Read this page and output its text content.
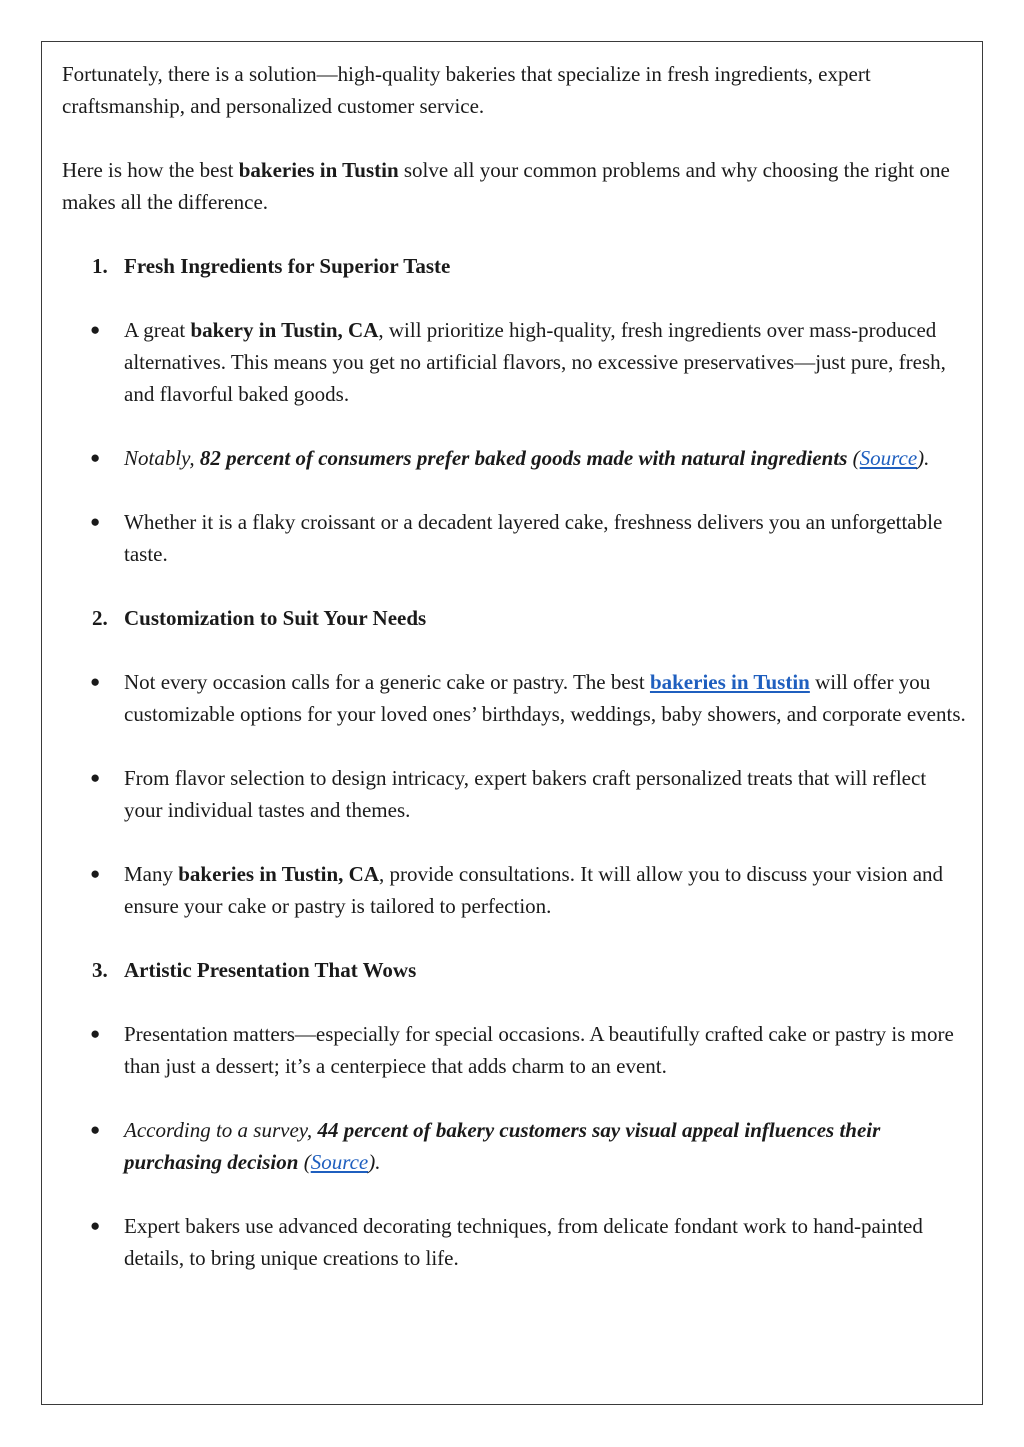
Fortunately, there is a solution—high-quality bakeries that specialize in fresh ingredients, expert craftsmanship, and personalized customer service.

Here is how the best bakeries in Tustin solve all your common problems and why choosing the right one makes all the difference.

1. Fresh Ingredients for Superior Taste
●	A great bakery in Tustin, CA, will prioritize high-quality, fresh ingredients over mass-produced alternatives. This means you get no artificial flavors, no excessive preservatives—just pure, fresh, and flavorful baked goods.
●	Notably, 82 percent of consumers prefer baked goods made with natural ingredients (Source).
●	Whether it is a flaky croissant or a decadent layered cake, freshness delivers you an unforgettable taste.
2. Customization to Suit Your Needs
●	Not every occasion calls for a generic cake or pastry. The best bakeries in Tustin will offer you customizable options for your loved ones’ birthdays, weddings, baby showers, and corporate events.
●	From flavor selection to design intricacy, expert bakers craft personalized treats that will reflect your individual tastes and themes.
●	Many bakeries in Tustin, CA, provide consultations. It will allow you to discuss your vision and ensure your cake or pastry is tailored to perfection.
3. Artistic Presentation That Wows
●	Presentation matters—especially for special occasions. A beautifully crafted cake or pastry is more than just a dessert; it’s a centerpiece that adds charm to an event.
●	According to a survey, 44 percent of bakery customers say visual appeal influences their purchasing decision (Source).
●	Expert bakers use advanced decorating techniques, from delicate fondant work to hand-painted details, to bring unique creations to life.
